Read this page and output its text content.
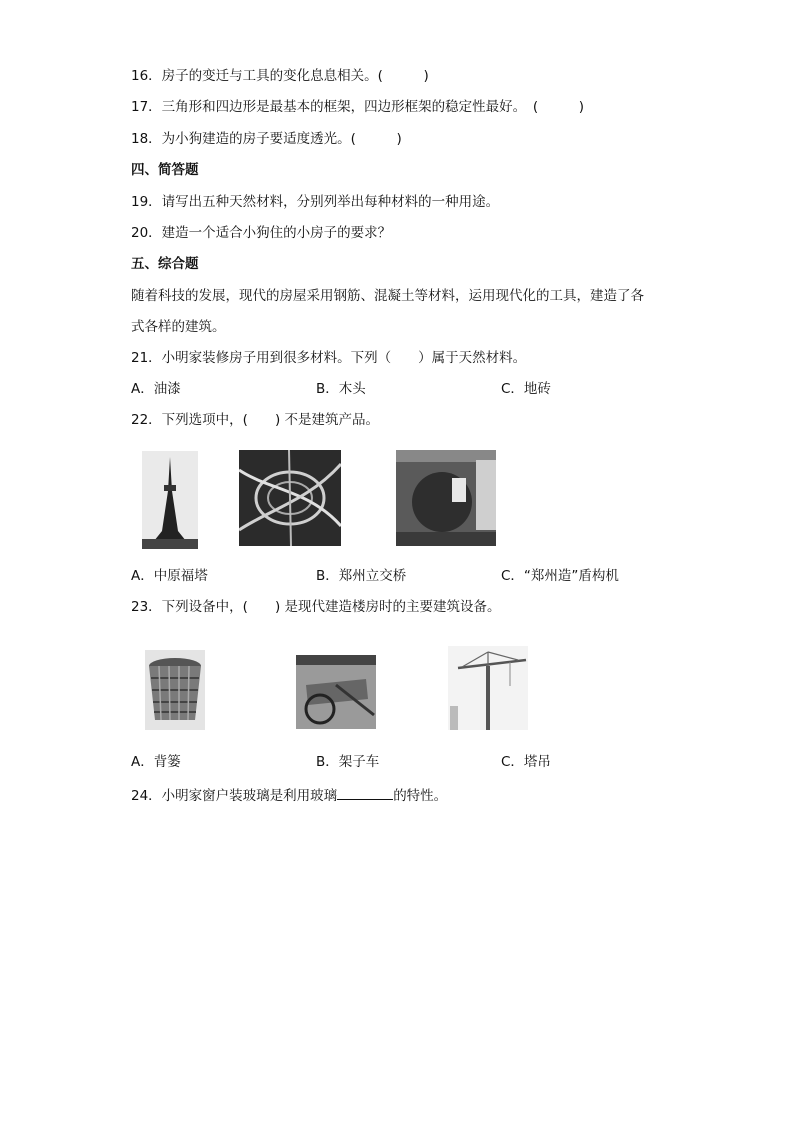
16．房子的变迁与工具的变化息息相关。(　　　)
17．三角形和四边形是最基本的框架，四边形框架的稳定性最好。　(　　　)
18．为小狗建造的房子要适度透光。(　　　)
四、简答题
19．请写出五种天然材料，分别列举出每种材料的一种用途。
20．建造一个适合小狗住的小房子的要求？
五、综合题
随着科技的发展，现代的房屋采用钢筋、混凝土等材料，运用现代化的工具，建造了各
式各样的建筑。
21．小明家装修房子用到很多材料。下列（　　）属于天然材料。
A．油漆	B．木头	C．地砖
22．下列选项中，(　　) 不是建筑产品。
A．中原福塔	B．郑州立交桥	C．“郑州造”盾构机
23．下列设备中，(　　) 是现代建造楼房时的主要建筑设备。
A．背篓	B．架子车	C．塔吊
24．小明家窗户装玻璃是利用玻璃	的特性。
